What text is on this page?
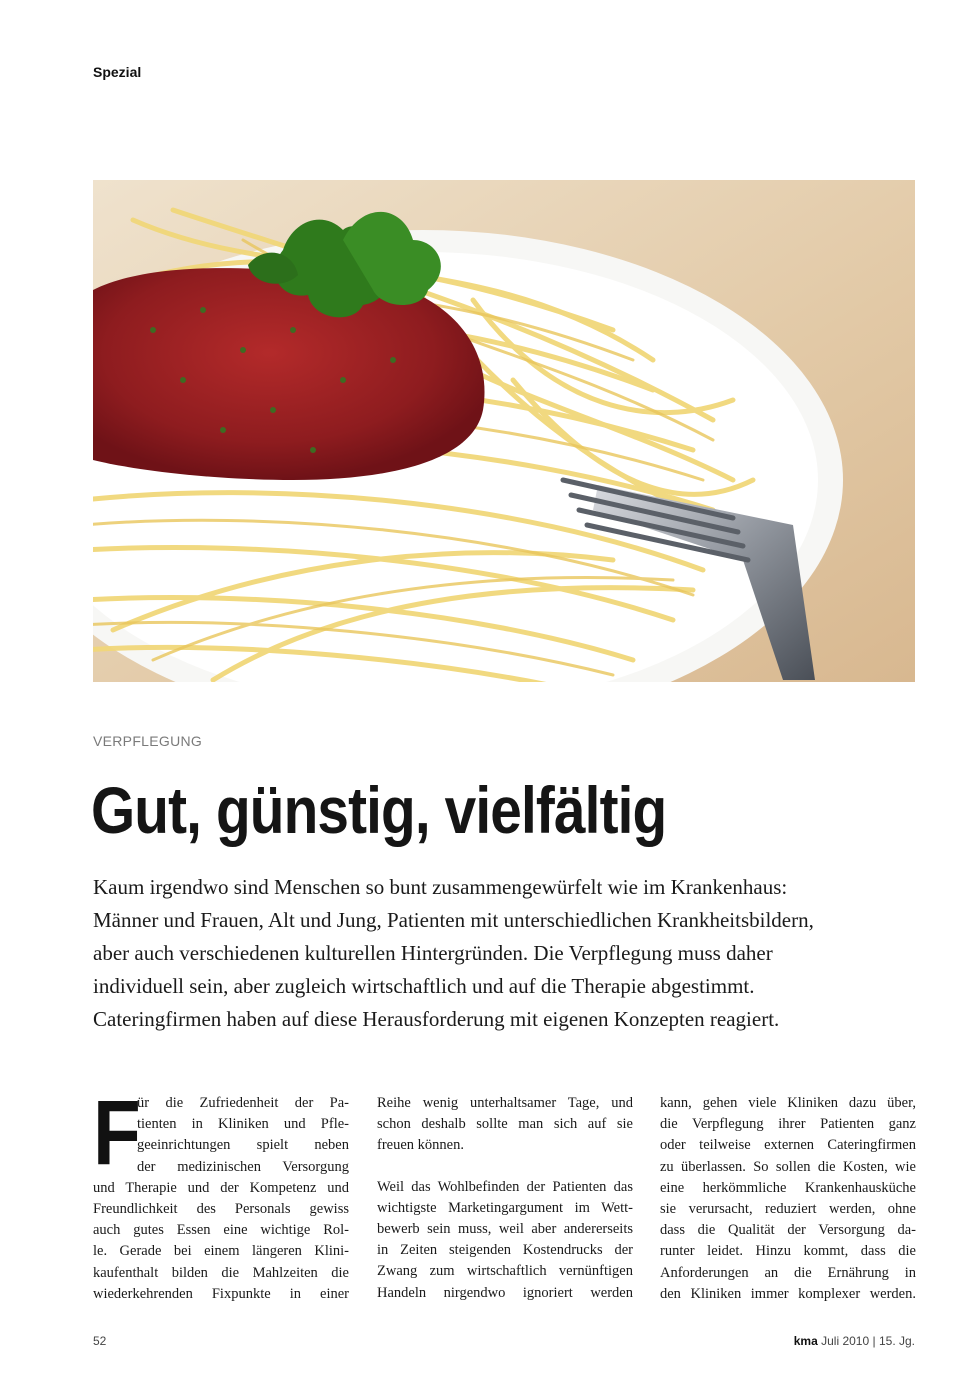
Spezial
VERPFLEGUNG
Gut, günstig, vielfältig
Kaum irgendwo sind Menschen so bunt zusammengewürfelt wie im Krankenhaus:
Männer und Frauen, Alt und Jung, Patienten mit unterschiedlichen Krankheitsbildern,
aber auch verschiedenen kulturellen Hintergründen. Die Verpflegung muss daher
individuell sein, aber zugleich wirtschaftlich und auf die Therapie abgestimmt.
Cateringfirmen haben auf diese Herausforderung mit eigenen Konzepten reagiert.
F
ür die Zufriedenheit der Pa-
tienten in Kliniken und Pfle-
geeinrichtungen spielt neben
der medizinischen Versorgung
und Therapie und der Kompetenz und
Freundlichkeit des Personals gewiss
auch gutes Essen eine wichtige Rol-
le. Gerade bei einem längeren Klini-
kaufenthalt bilden die Mahlzeiten die
wiederkehrenden Fixpunkte in einer
Reihe wenig unterhaltsamer Tage, und
schon deshalb sollte man sich auf sie
freuen können.
Weil das Wohlbefinden der Patienten das
wichtigste Marketingargument im Wett-
bewerb sein muss, weil aber andererseits
in Zeiten steigenden Kostendrucks der
Zwang zum wirtschaftlich vernünftigen
Handeln nirgendwo ignoriert werden
kann, gehen viele Kliniken dazu über,
die Verpflegung ihrer Patienten ganz
oder teilweise externen Cateringfirmen
zu überlassen. So sollen die Kosten, wie
eine herkömmliche Krankenhausküche
sie verursacht, reduziert werden, ohne
dass die Qualität der Versorgung da-
runter leidet. Hinzu kommt, dass die
Anforderungen an die Ernährung in
den Kliniken immer komplexer werden.
52	kma Juli 2010 | 15. Jg.
